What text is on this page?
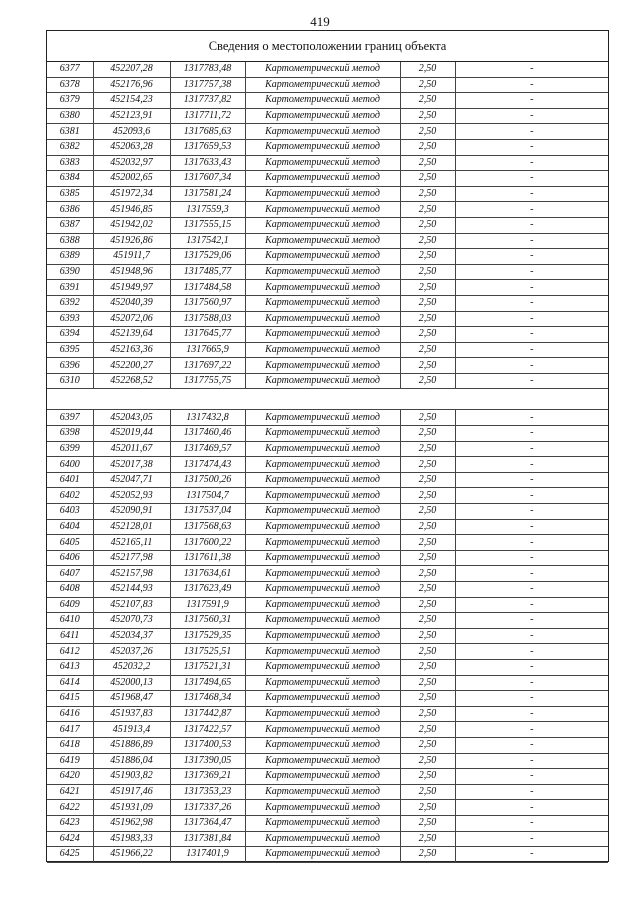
419
Сведения о местоположении границ объекта
6377	452207,28	1317783,48	Картометрический метод	2,50	-
6378	452176,96	1317757,38	Картометрический метод	2,50	-
6379	452154,23	1317737,82	Картометрический метод	2,50	-
6380	452123,91	1317711,72	Картометрический метод	2,50	-
6381	452093,6	1317685,63	Картометрический метод	2,50	-
6382	452063,28	1317659,53	Картометрический метод	2,50	-
6383	452032,97	1317633,43	Картометрический метод	2,50	-
6384	452002,65	1317607,34	Картометрический метод	2,50	-
6385	451972,34	1317581,24	Картометрический метод	2,50	-
6386	451946,85	1317559,3	Картометрический метод	2,50	-
6387	451942,02	1317555,15	Картометрический метод	2,50	-
6388	451926,86	1317542,1	Картометрический метод	2,50	-
6389	451911,7	1317529,06	Картометрический метод	2,50	-
6390	451948,96	1317485,77	Картометрический метод	2,50	-
6391	451949,97	1317484,58	Картометрический метод	2,50	-
6392	452040,39	1317560,97	Картометрический метод	2,50	-
6393	452072,06	1317588,03	Картометрический метод	2,50	-
6394	452139,64	1317645,77	Картометрический метод	2,50	-
6395	452163,36	1317665,9	Картометрический метод	2,50	-
6396	452200,27	1317697,22	Картометрический метод	2,50	-
6310	452268,52	1317755,75	Картометрический метод	2,50	-

6397	452043,05	1317432,8	Картометрический метод	2,50	-
6398	452019,44	1317460,46	Картометрический метод	2,50	-
6399	452011,67	1317469,57	Картометрический метод	2,50	-
6400	452017,38	1317474,43	Картометрический метод	2,50	-
6401	452047,71	1317500,26	Картометрический метод	2,50	-
6402	452052,93	1317504,7	Картометрический метод	2,50	-
6403	452090,91	1317537,04	Картометрический метод	2,50	-
6404	452128,01	1317568,63	Картометрический метод	2,50	-
6405	452165,11	1317600,22	Картометрический метод	2,50	-
6406	452177,98	1317611,38	Картометрический метод	2,50	-
6407	452157,98	1317634,61	Картометрический метод	2,50	-
6408	452144,93	1317623,49	Картометрический метод	2,50	-
6409	452107,83	1317591,9	Картометрический метод	2,50	-
6410	452070,73	1317560,31	Картометрический метод	2,50	-
6411	452034,37	1317529,35	Картометрический метод	2,50	-
6412	452037,26	1317525,51	Картометрический метод	2,50	-
6413	452032,2	1317521,31	Картометрический метод	2,50	-
6414	452000,13	1317494,65	Картометрический метод	2,50	-
6415	451968,47	1317468,34	Картометрический метод	2,50	-
6416	451937,83	1317442,87	Картометрический метод	2,50	-
6417	451913,4	1317422,57	Картометрический метод	2,50	-
6418	451886,89	1317400,53	Картометрический метод	2,50	-
6419	451886,04	1317390,05	Картометрический метод	2,50	-
6420	451903,82	1317369,21	Картометрический метод	2,50	-
6421	451917,46	1317353,23	Картометрический метод	2,50	-
6422	451931,09	1317337,26	Картометрический метод	2,50	-
6423	451962,98	1317364,47	Картометрический метод	2,50	-
6424	451983,33	1317381,84	Картометрический метод	2,50	-
6425	451966,22	1317401,9	Картометрический метод	2,50	-
